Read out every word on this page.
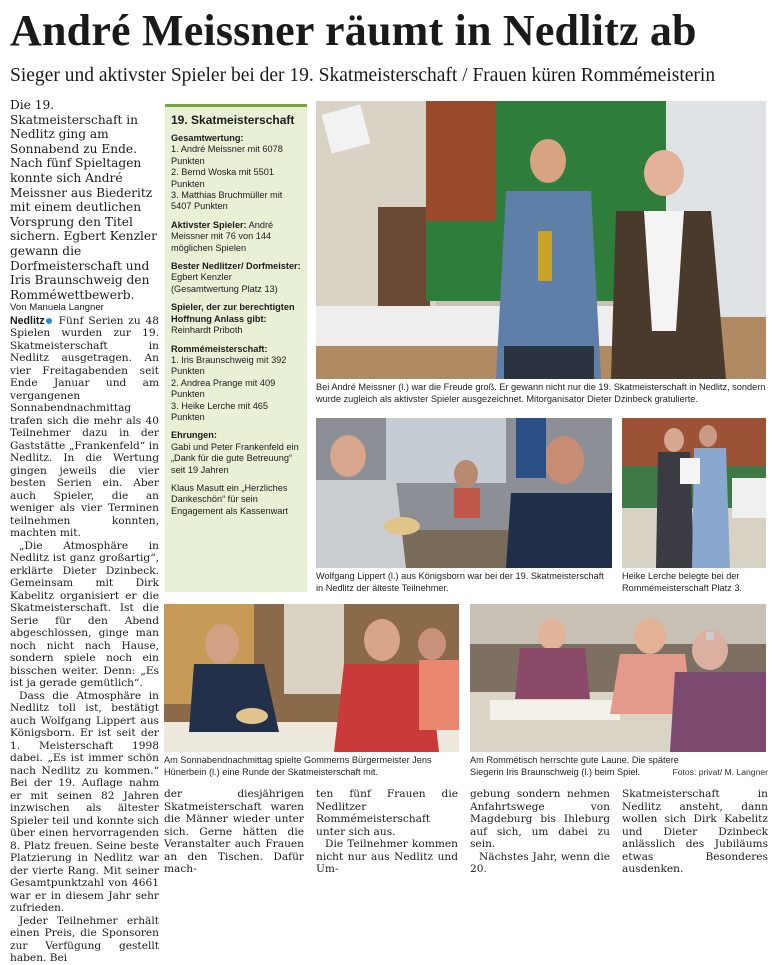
André Meissner räumt in Nedlitz ab
Sieger und aktivster Spieler bei der 19. Skatmeisterschaft / Frauen küren Rommémeisterin

Die 19. Skatmeisterschaft in Nedlitz ging am Sonnabend zu Ende. Nach fünf Spieltagen konnte sich André Meissner aus Biederitz mit einem deutlichen Vorsprung den Titel sichern. Egbert Kenzler gewann die Dorfmeisterschaft und Iris Braunschweig den Romméwettbewerb.

Von Manuela Langner

Nedlitz Fünf Serien zu 48 Spielen wurden zur 19. Skatmeisterschaft in Nedlitz ausgetragen. An vier Freitagabenden seit Ende Januar und am vergangenen Sonnabendnachmittag trafen sich die mehr als 40 Teilnehmer dazu in der Gaststätte „Frankenfeld“ in Nedlitz. In die Wertung gingen jeweils die vier besten Serien ein. Aber auch Spieler, die an weniger als vier Terminen teilnehmen konnten, machten mit.

„Die Atmosphäre in Nedlitz ist ganz großartig“, erklärte Dieter Dzinbeck. Gemeinsam mit Dirk Kabelitz organisiert er die Skatmeisterschaft. Ist die Serie für den Abend abgeschlossen, ginge man noch nicht nach Hause, sondern spiele noch ein bisschen weiter. Denn: „Es ist ja gerade gemütlich“.

Dass die Atmosphäre in Nedlitz toll ist, bestätigt auch Wolfgang Lippert aus Königsborn. Er ist seit der 1. Meisterschaft 1998 dabei. „Es ist immer schön nach Nedlitz zu kommen.“ Bei der 19. Auflage nahm er mit seinen 82 Jahren inzwischen als ältester Spieler teil und konnte sich über einen hervorragenden 8. Platz freuen. Seine beste Platzierung in Nedlitz war der vierte Rang. Mit seiner Gesamtpunktzahl von 4661 war er in diesem Jahr sehr zufrieden.

Jeder Teilnehmer erhält einen Preis, die Sponsoren zur Verfügung gestellt haben. Bei

19. Skatmeisterschaft
Gesamtwertung:
1. André Meissner mit 6078 Punkten
2. Bernd Woska mit 5501 Punkten
3. Matthias Bruchmüller mit 5407 Punkten
Aktivster Spieler: André Meissner mit 76 von 144 möglichen Spielen
Bester Nedlitzer/ Dorfmeister: Egbert Kenzler (Gesamtwertung Platz 13)
Spieler, der zur berechtigten Hoffnung Anlass gibt:
Reinhardt Priboth
Rommémeisterschaft:
1. Iris Braunschweig mit 392 Punkten
2. Andrea Prange mit 409 Punkten
3. Heike Lerche mit 465 Punkten
Ehrungen:
Gabi und Peter Frankenfeld ein „Dank für die gute Betreuung“ seit 19 Jahren
Klaus Masutt ein „Herzliches Dankeschön“ für sein Engagement als Kassenwart
Bei André Meissner (l.) war die Freude groß. Er gewann nicht nur die 19. Skatmeisterschaft in Nedlitz, sondern wurde zugleich als aktivster Spieler ausgezeichnet. Mitorganisator Dieter Dzinbeck gratulierte.
Wolfgang Lippert (l.) aus Königsborn war bei der 19. Skatmeisterschaft in Nedlitz der älteste Teilnehmer.
Heike Lerche belegte bei der Rommémeisterschaft Platz 3.
Am Sonnabendnachmittag spielte Gommerns Bürgermeister Jens Hünerbein (l.) eine Runde der Skatmeisterschaft mit.
Am Rommétisch herrschte gute Laune. Die spätere Siegerin Iris Braunschweig (l.) beim Spiel.	Fotos: privat/ M. Langner

der diesjährigen Skatmeisterschaft waren die Männer wieder unter sich. Gerne hätten die Veranstalter auch Frauen an den Tischen. Dafür mach-

ten fünf Frauen die Nedlitzer Rommémeisterschaft unter sich aus.

Die Teilnehmer kommen nicht nur aus Nedlitz und Um-

gebung sondern nehmen Anfahrtswege von Magdeburg bis Ihleburg auf sich, um dabei zu sein.

Nächstes Jahr, wenn die 20.

Skatmeisterschaft in Nedlitz ansteht, dann wollen sich Dirk Kabelitz und Dieter Dzinbeck anlässlich des Jubiläums etwas Besonderes ausdenken.
